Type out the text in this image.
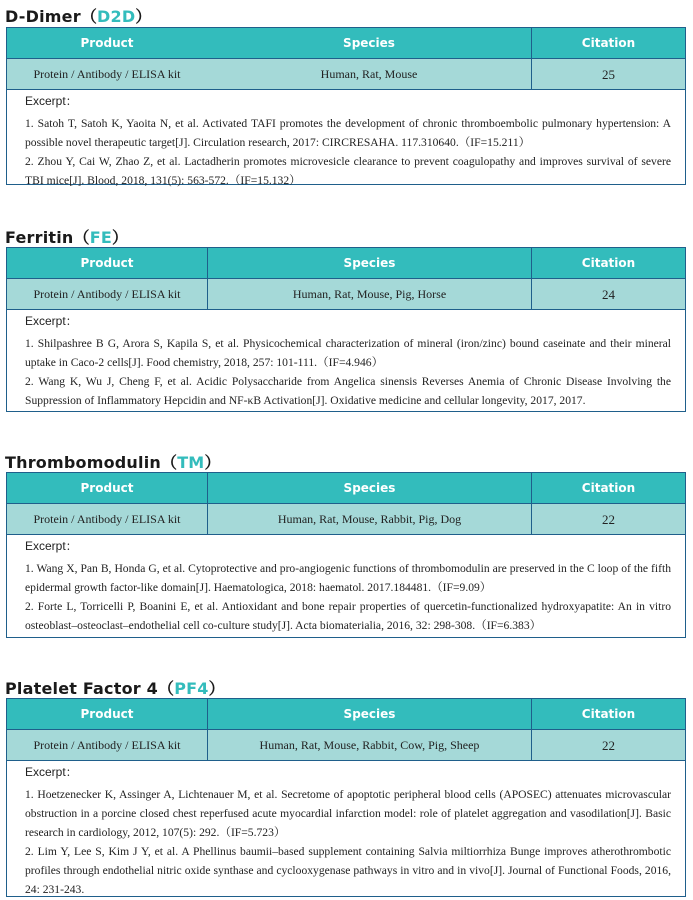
D-Dimer（D2D）
Product	Species	Citation
Protein / Antibody / ELISA kit	Human, Rat, Mouse	25
Excerpt：
1. Satoh T, Satoh K, Yaoita N, et al. Activated TAFI promotes the development of chronic thromboembolic pulmonary hypertension: A possible novel therapeutic target[J]. Circulation research, 2017: CIRCRESAHA. 117.310640.（IF=15.211）
2. Zhou Y, Cai W, Zhao Z, et al. Lactadherin promotes microvesicle clearance to prevent coagulopathy and improves survival of severe TBI mice[J]. Blood, 2018, 131(5): 563-572.（IF=15.132）
Ferritin（FE）
Product	Species	Citation
Protein / Antibody / ELISA kit	Human, Rat, Mouse, Pig, Horse	24
Excerpt：
1. Shilpashree B G, Arora S, Kapila S, et al. Physicochemical characterization of mineral (iron/zinc) bound caseinate and their mineral uptake in Caco-2 cells[J]. Food chemistry, 2018, 257: 101-111.（IF=4.946）
2. Wang K, Wu J, Cheng F, et al. Acidic Polysaccharide from Angelica sinensis Reverses Anemia of Chronic Disease Involving the Suppression of Inflammatory Hepcidin and NF-κB Activation[J]. Oxidative medicine and cellular longevity, 2017, 2017.
Thrombomodulin（TM）
Product	Species	Citation
Protein / Antibody / ELISA kit	Human, Rat, Mouse, Rabbit, Pig, Dog	22
Excerpt：
1. Wang X, Pan B, Honda G, et al. Cytoprotective and pro-angiogenic functions of thrombomodulin are preserved in the C loop of the fifth epidermal growth factor-like domain[J]. Haematologica, 2018: haematol. 2017.184481.（IF=9.09）
2. Forte L, Torricelli P, Boanini E, et al. Antioxidant and bone repair properties of quercetin-functionalized hydroxyapatite: An in vitro osteoblast–osteoclast–endothelial cell co-culture study[J]. Acta biomaterialia, 2016, 32: 298-308.（IF=6.383）
Platelet Factor 4（PF4）
Product	Species	Citation
Protein / Antibody / ELISA kit	Human, Rat, Mouse, Rabbit, Cow, Pig, Sheep	22
Excerpt：
1. Hoetzenecker K, Assinger A, Lichtenauer M, et al. Secretome of apoptotic peripheral blood cells (APOSEC) attenuates microvascular obstruction in a porcine closed chest reperfused acute myocardial infarction model: role of platelet aggregation and vasodilation[J]. Basic research in cardiology, 2012, 107(5): 292.（IF=5.723）
2. Lim Y, Lee S, Kim J Y, et al. A Phellinus baumii–based supplement containing Salvia miltiorrhiza Bunge improves atherothrombotic profiles through endothelial nitric oxide synthase and cyclooxygenase pathways in vitro and in vivo[J]. Journal of Functional Foods, 2016, 24: 231-243.
